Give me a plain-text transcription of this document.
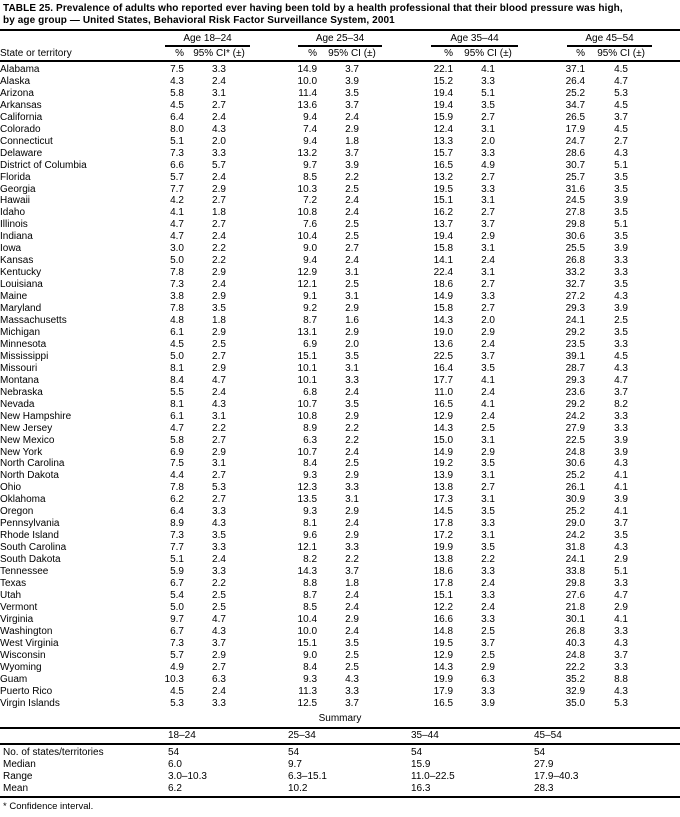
TABLE 25. Prevalence of adults who reported ever having been told by a health professional that their blood pressure was high,
by age group — United States, Behavioral Risk Factor Surveillance System, 2001

	Age 18–24		Age 25–34		Age 35–44		Age 45–54		

State or territory	%	95% CI* (±)	%	95% CI (±)	%	95% CI (±)	%	95% CI (±)	
Alabama	7.5	3.3	14.9	3.7	22.1	4.1	37.1	4.5	
Alaska	4.3	2.4	10.0	3.9	15.2	3.3	26.4	4.7	
Arizona	5.8	3.1	11.4	3.5	19.4	5.1	25.2	5.3	
Arkansas	4.5	2.7	13.6	3.7	19.4	3.5	34.7	4.5	
California	6.4	2.4	9.4	2.4	15.9	2.7	26.5	3.7	
Colorado	8.0	4.3	7.4	2.9	12.4	3.1	17.9	4.5	
Connecticut	5.1	2.0	9.4	1.8	13.3	2.0	24.7	2.7	
Delaware	7.3	3.3	13.2	3.7	15.7	3.3	28.6	4.3	
District of Columbia	6.6	5.7	9.7	3.9	16.5	4.9	30.7	5.1	
Florida	5.7	2.4	8.5	2.2	13.2	2.7	25.7	3.5	
Georgia	7.7	2.9	10.3	2.5	19.5	3.3	31.6	3.5	
Hawaii	4.2	2.7	7.2	2.4	15.1	3.1	24.5	3.9	
Idaho	4.1	1.8	10.8	2.4	16.2	2.7	27.8	3.5	
Illinois	4.7	2.7	7.6	2.5	13.7	3.7	29.8	5.1	
Indiana	4.7	2.4	10.4	2.5	19.4	2.9	30.6	3.5	
Iowa	3.0	2.2	9.0	2.7	15.8	3.1	25.5	3.9	
Kansas	5.0	2.2	9.4	2.4	14.1	2.4	26.8	3.3	
Kentucky	7.8	2.9	12.9	3.1	22.4	3.1	33.2	3.3	
Louisiana	7.3	2.4	12.1	2.5	18.6	2.7	32.7	3.5	
Maine	3.8	2.9	9.1	3.1	14.9	3.3	27.2	4.3	
Maryland	7.8	3.5	9.2	2.9	15.8	2.7	29.3	3.9	
Massachusetts	4.8	1.8	8.7	1.6	14.3	2.0	24.1	2.5	
Michigan	6.1	2.9	13.1	2.9	19.0	2.9	29.2	3.5	
Minnesota	4.5	2.5	6.9	2.0	13.6	2.4	23.5	3.3	
Mississippi	5.0	2.7	15.1	3.5	22.5	3.7	39.1	4.5	
Missouri	8.1	2.9	10.1	3.1	16.4	3.5	28.7	4.3	
Montana	8.4	4.7	10.1	3.3	17.7	4.1	29.3	4.7	
Nebraska	5.5	2.4	6.8	2.4	11.0	2.4	23.6	3.7	
Nevada	8.1	4.3	10.7	3.5	16.5	4.1	29.2	8.2	
New Hampshire	6.1	3.1	10.8	2.9	12.9	2.4	24.2	3.3	
New Jersey	4.7	2.2	8.9	2.2	14.3	2.5	27.9	3.3	
New Mexico	5.8	2.7	6.3	2.2	15.0	3.1	22.5	3.9	
New York	6.9	2.9	10.7	2.4	14.9	2.9	24.8	3.9	
North Carolina	7.5	3.1	8.4	2.5	19.2	3.5	30.6	4.3	
North Dakota	4.4	2.7	9.3	2.9	13.9	3.1	25.2	4.1	
Ohio	7.8	5.3	12.3	3.3	13.8	2.7	26.1	4.1	
Oklahoma	6.2	2.7	13.5	3.1	17.3	3.1	30.9	3.9	
Oregon	6.4	3.3	9.3	2.9	14.5	3.5	25.2	4.1	
Pennsylvania	8.9	4.3	8.1	2.4	17.8	3.3	29.0	3.7	
Rhode Island	7.3	3.5	9.6	2.9	17.2	3.1	24.2	3.5	
South Carolina	7.7	3.3	12.1	3.3	19.9	3.5	31.8	4.3	
South Dakota	5.1	2.4	8.2	2.2	13.8	2.2	24.1	2.9	
Tennessee	5.9	3.3	14.3	3.7	18.6	3.3	33.8	5.1	
Texas	6.7	2.2	8.8	1.8	17.8	2.4	29.8	3.3	
Utah	5.4	2.5	8.7	2.4	15.1	3.3	27.6	4.7	
Vermont	5.0	2.5	8.5	2.4	12.2	2.4	21.8	2.9	
Virginia	9.7	4.7	10.4	2.9	16.6	3.3	30.1	4.1	
Washington	6.7	4.3	10.0	2.4	14.8	2.5	26.8	3.3	
West Virginia	7.3	3.7	15.1	3.5	19.5	3.7	40.3	4.3	
Wisconsin	5.7	2.9	9.0	2.5	12.9	2.5	24.8	3.7	
Wyoming	4.9	2.7	8.4	2.5	14.3	2.9	22.2	3.3	
Guam	10.3	6.3	9.3	4.3	19.9	6.3	35.2	8.8	
Puerto Rico	4.5	2.4	11.3	3.3	17.9	3.3	32.9	4.3	
Virgin Islands	5.3	3.3	12.5	3.7	16.5	3.9	35.0	5.3	
Summary
	18–24	25–34	35–44	45–54
No. of states/territories	54	54	54	54
Median	6.0	9.7	15.9	27.9
Range	3.0–10.3	6.3–15.1	11.0–22.5	17.9–40.3
Mean	6.2	10.2	16.3	28.3
* Confidence interval.
